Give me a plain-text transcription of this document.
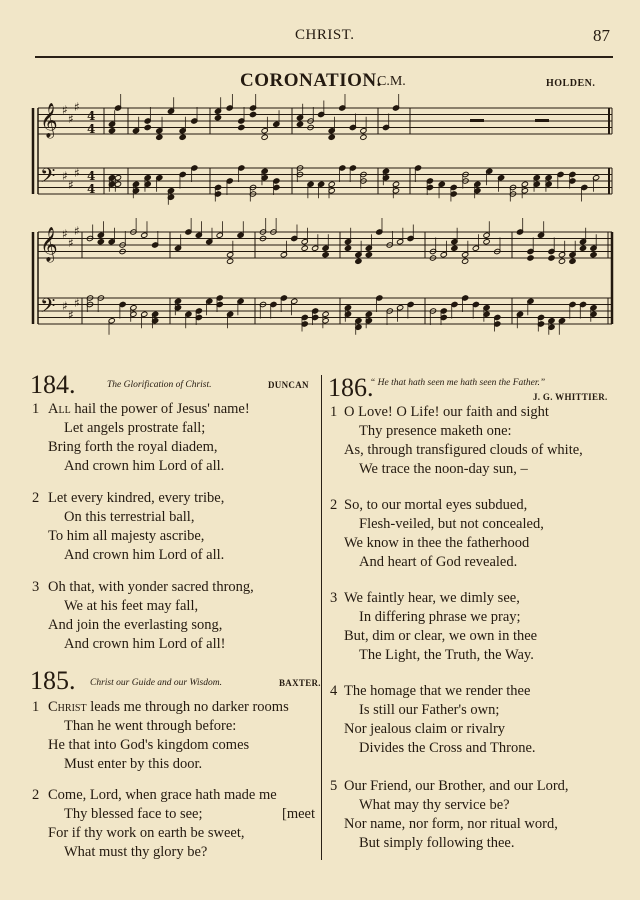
CHRIST.	87
CORONATION.
C.M.	HOLDEN.
𝄞
𝄢
♯
♯
♯
♯
♯
♯
4
4
4
4
𝄞
𝄢
♯
♯
♯
♯
♯
♯
184.	The Glorification of Christ.	DUNCAN
1 All hail the power of Jesus' name!
Let angels prostrate fall;
Bring forth the royal diadem,
And crown him Lord of all.
2 Let every kindred, every tribe,
On this terrestrial ball,
To him all majesty ascribe,
And crown him Lord of all.
3 Oh that, with yonder sacred throng,
We at his feet may fall,
And join the everlasting song,
And crown him Lord of all!
185.	Christ our Guide and our Wisdom.	BAXTER.
1 Christ leads me through no darker rooms
Than he went through before:
He that into God's kingdom comes
Must enter by this door.
2 Come, Lord, when grace hath made me
Thy blessed face to see;	[meet
For if thy work on earth be sweet,
What must thy glory be?
186.
“ He that hath seen me hath seen the Father.”
J. G. WHITTIER.
1 O Love! O Life! our faith and sight
Thy presence maketh one:
As, through transfigured clouds of white,
We trace the noon-day sun, –
2 So, to our mortal eyes subdued,
Flesh-veiled, but not concealed,
We know in thee the fatherhood
And heart of God revealed.
3 We faintly hear, we dimly see,
In differing phrase we pray;
But, dim or clear, we own in thee
The Light, the Truth, the Way.
4 The homage that we render thee
Is still our Father's own;
Nor jealous claim or rivalry
Divides the Cross and Throne.
5 Our Friend, our Brother, and our Lord,
What may thy service be?
Nor name, nor form, nor ritual word,
But simply following thee.
